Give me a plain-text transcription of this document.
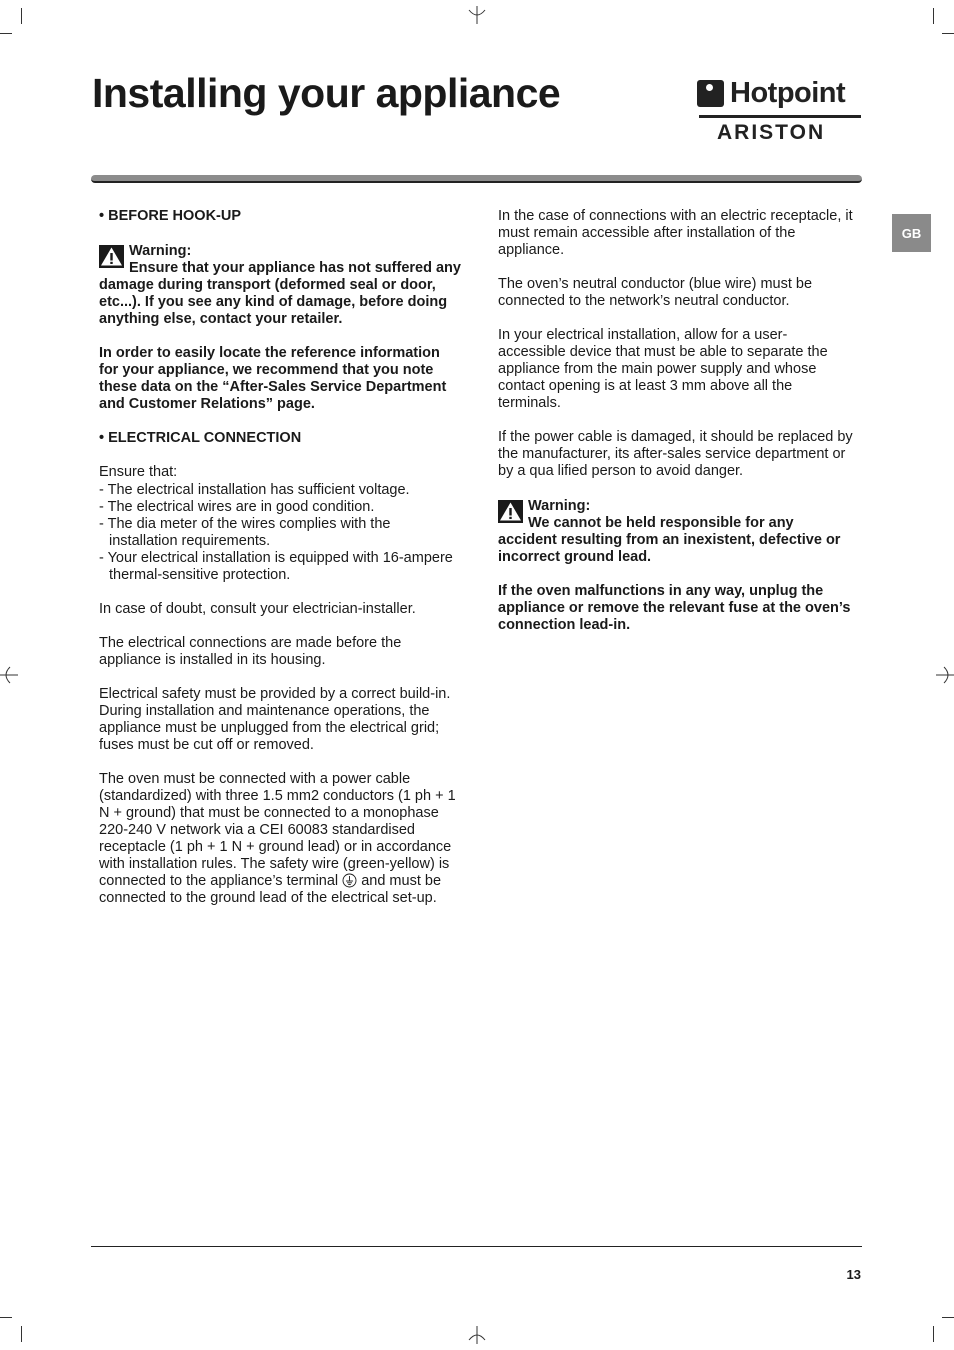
Installing your appliance	Hotpoint
ARISTON
GB

• BEFORE HOOK-UP

Warning:
Ensure that your appliance has not suffered any damage during transport (deformed seal or door, etc...). If you see any kind of damage, before doing anything else, contact your retailer.

In order to easily locate the reference information for your appliance, we recommend that you note these data on the “After-Sales Service Department and Customer Relations” page.

• ELECTRICAL CONNECTION

Ensure that:
- The electrical installation has sufficient voltage.
- The electrical wires are in good condition.
- The dia meter of the wires complies with the installation requirements.
- Your electrical installation is equipped with 16-ampere thermal-sensitive protection.

In case of doubt, consult your electrician-installer.

The electrical connections are made before the appliance is installed in its housing.

Electrical safety must be provided by a correct build-in. During installation and maintenance operations, the appliance must be unplugged from the electrical grid; fuses must be cut off or removed.

The oven must be connected with a power cable (standardized) with three 1.5 mm2 conductors (1 ph + 1 N + ground) that must be connected to a monophase 220-240 V network via a CEI 60083 standardised receptacle (1 ph + 1 N + ground lead) or in accordance with installation rules. The safety wire (green-yellow) is connected to the appliance’s terminal and must be connected to the ground lead of the electrical set-up.

In the case of connections with an electric receptacle, it must remain accessible after installation of the appliance.

The oven’s neutral conductor (blue wire) must be connected to the network’s neutral conductor.

In your electrical installation, allow for a user-accessible device that must be able to separate the appliance from the main power supply and whose contact opening is at least 3 mm above all the terminals.

If the power cable is damaged, it should be replaced by the manufacturer, its after-sales service department or by a qua lified person to avoid danger.

Warning:
We cannot be held responsible for any accident resulting from an inexistent, defective or incorrect ground lead.

If the oven malfunctions in any way, unplug the appliance or remove the relevant fuse at the oven’s connection lead-in.

13
